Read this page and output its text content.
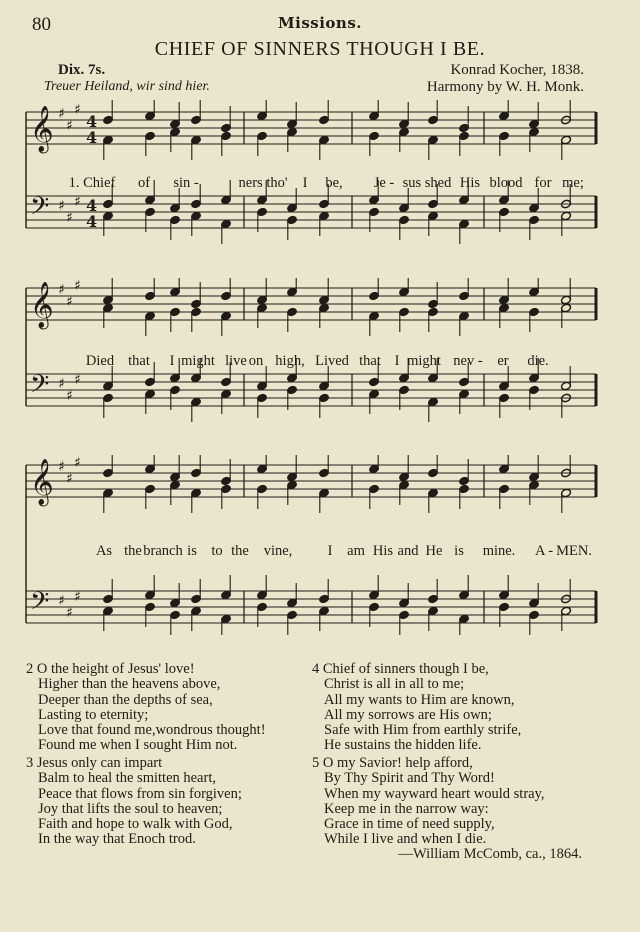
80	Missions.
CHIEF OF SINNERS THOUGH I BE.
Dix. 7s.
Treuer Heiland, wir sind hier.
Konrad Kocher, 1838.
Harmony by W. H. Monk.
𝄞
𝄢
♯
♯
♯
♯
♯
♯
4
4
4
4
1. Chief of sin -	ners tho' I be, Je - sus shed His blood for me;
𝄞
𝄢
♯
♯
♯
♯
♯
♯
Died that I might live on high, Lived that I might nev - er die.
𝄞
𝄢
♯
♯
♯
♯
♯
♯
As the branch is to the vine, I am His and He is mine. A - MEN.
2 O the height of Jesus' love!
Higher than the heavens above,
Deeper than the depths of sea,
Lasting to eternity;
Love that found me,wondrous thought!
Found me when I sought Him not.
3 Jesus only can impart
Balm to heal the smitten heart,
Peace that flows from sin forgiven;
Joy that lifts the soul to heaven;
Faith and hope to walk with God,
In the way that Enoch trod.
4 Chief of sinners though I be,
Christ is all in all to me;
All my wants to Him are known,
All my sorrows are His own;
Safe with Him from earthly strife,
He sustains the hidden life.
5 O my Savior! help afford,
By Thy Spirit and Thy Word!
When my wayward heart would stray,
Keep me in the narrow way:
Grace in time of need supply,
While I live and when I die.
—William McComb, ca., 1864.
